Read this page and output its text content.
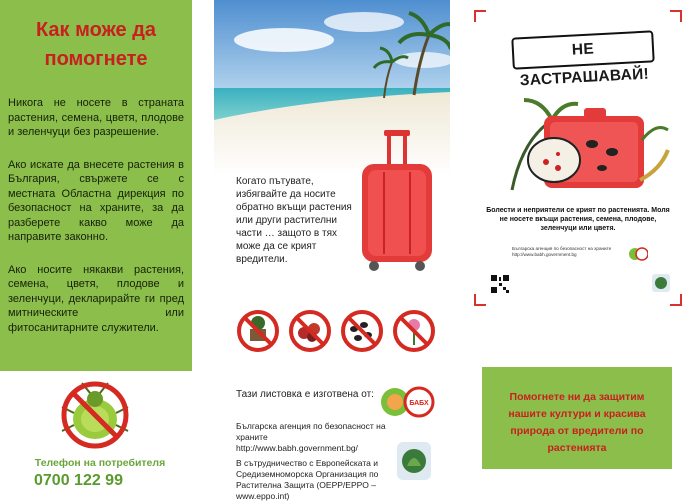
Как може да помогнете

Никога не носете в страната растения, семена, цветя, плодове и зеленчуци без разрешение.

Ако искате да внесете растения в България, свържете се с местната Областна дирекция по безопасност на храните, за да разберете какво може да направите законно.

Ако носите някакви растения, семена, цветя, плодове и зеленчуци, декларирайте ги пред митническите или фитосанитарните служители.

Телефон на потребителя
0700 122 99
Когато пътувате, избягвайте да носите обратно вкъщи растения или други растителни части … защото в тях може да се крият вредители.
Тази листовка е изготвена от:
БАБХ
Българска агенция по безопасност на храните http://www.babh.government.bg/
В сътрудничество с Европейската и Средиземноморска Организация по Растителна Защита (OEPP/EPPO – www.eppo.int)
НЕ ЗАСТРАШАВАЙ!
Болести и неприятели се крият по растенията. Моля не носете вкъщи растения, семена, плодове, зеленчуци или цветя.
Българска агенция по безопасност на храните http://www.babh.government.bg
Помогнете ни да защитим нашите култури и красива природа от вредители по растенията
